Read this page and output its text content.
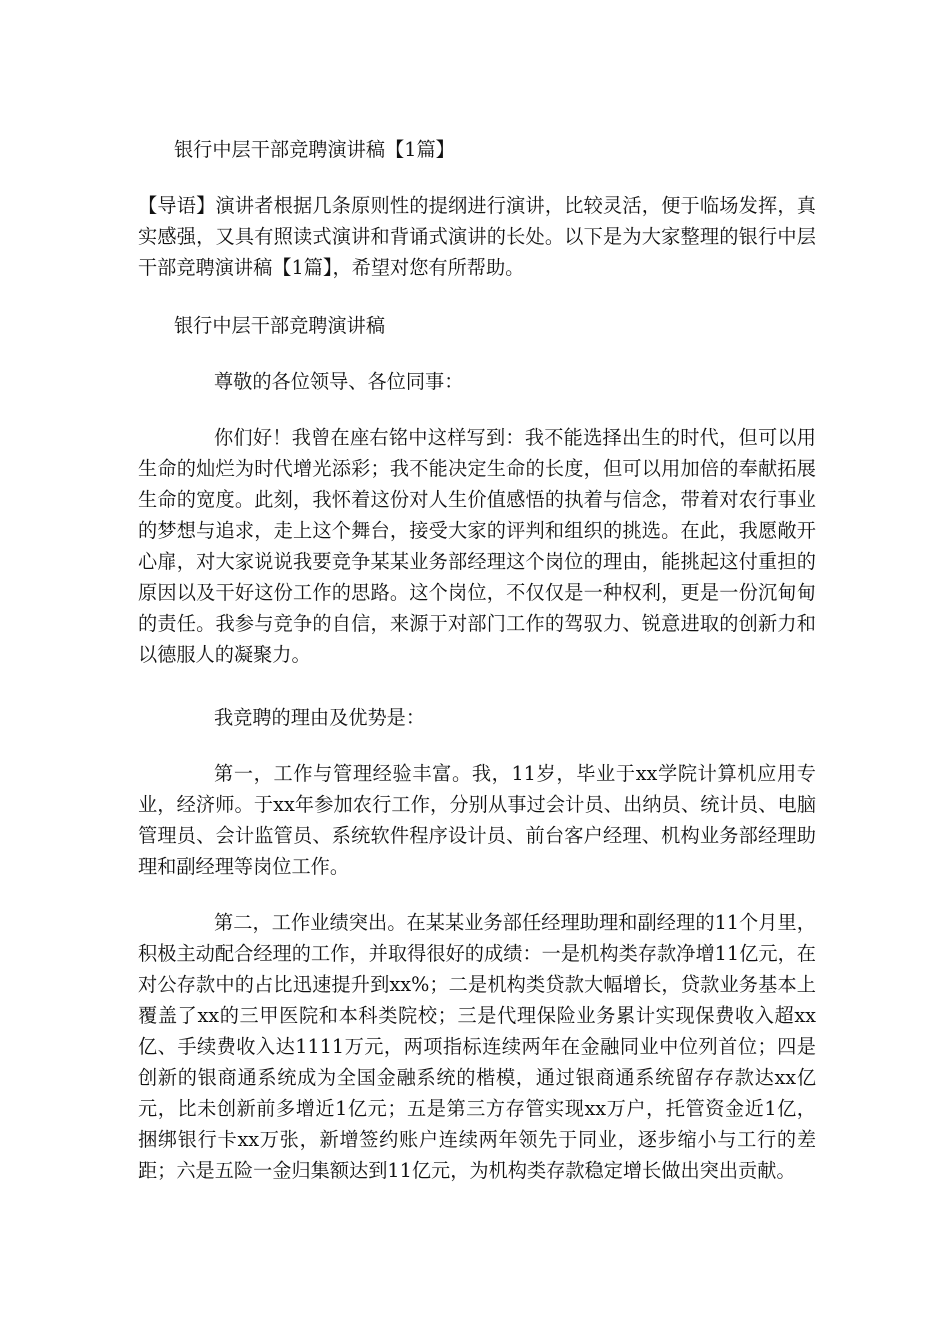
银行中层干部竞聘演讲稿【1篇】

【导语】演讲者根据几条原则性的提纲进行演讲，比较灵活，便于临场发挥，真实感强，又具有照读式演讲和背诵式演讲的长处。以下是为大家整理的银行中层干部竞聘演讲稿【1篇】，希望对您有所帮助。

银行中层干部竞聘演讲稿

尊敬的各位领导、各位同事：

你们好！我曾在座右铭中这样写到：我不能选择出生的时代，但可以用生命的灿烂为时代增光添彩；我不能决定生命的长度，但可以用加倍的奉献拓展生命的宽度。此刻，我怀着这份对人生价值感悟的执着与信念，带着对农行事业的梦想与追求，走上这个舞台，接受大家的评判和组织的挑选。在此，我愿敞开心扉，对大家说说我要竞争某某业务部经理这个岗位的理由，能挑起这付重担的原因以及干好这份工作的思路。这个岗位，不仅仅是一种权利，更是一份沉甸甸的责任。我参与竞争的自信，来源于对部门工作的驾驭力、锐意进取的创新力和以德服人的凝聚力。

我竞聘的理由及优势是：

第一，工作与管理经验丰富。我，11岁，毕业于xx学院计算机应用专业，经济师。于xx年参加农行工作，分别从事过会计员、出纳员、统计员、电脑管理员、会计监管员、系统软件程序设计员、前台客户经理、机构业务部经理助理和副经理等岗位工作。

第二，工作业绩突出。在某某业务部任经理助理和副经理的11个月里，积极主动配合经理的工作，并取得很好的成绩：一是机构类存款净增11亿元，在对公存款中的占比迅速提升到xx%；二是机构类贷款大幅增长，贷款业务基本上覆盖了xx的三甲医院和本科类院校；三是代理保险业务累计实现保费收入超xx亿、手续费收入达1111万元，两项指标连续两年在金融同业中位列首位；四是创新的银商通系统成为全国金融系统的楷模，通过银商通系统留存存款达xx亿元，比未创新前多增近1亿元；五是第三方存管实现xx万户，托管资金近1亿，捆绑银行卡xx万张，新增签约账户连续两年领先于同业，逐步缩小与工行的差距；六是五险一金归集额达到11亿元，为机构类存款稳定增长做出突出贡献。
